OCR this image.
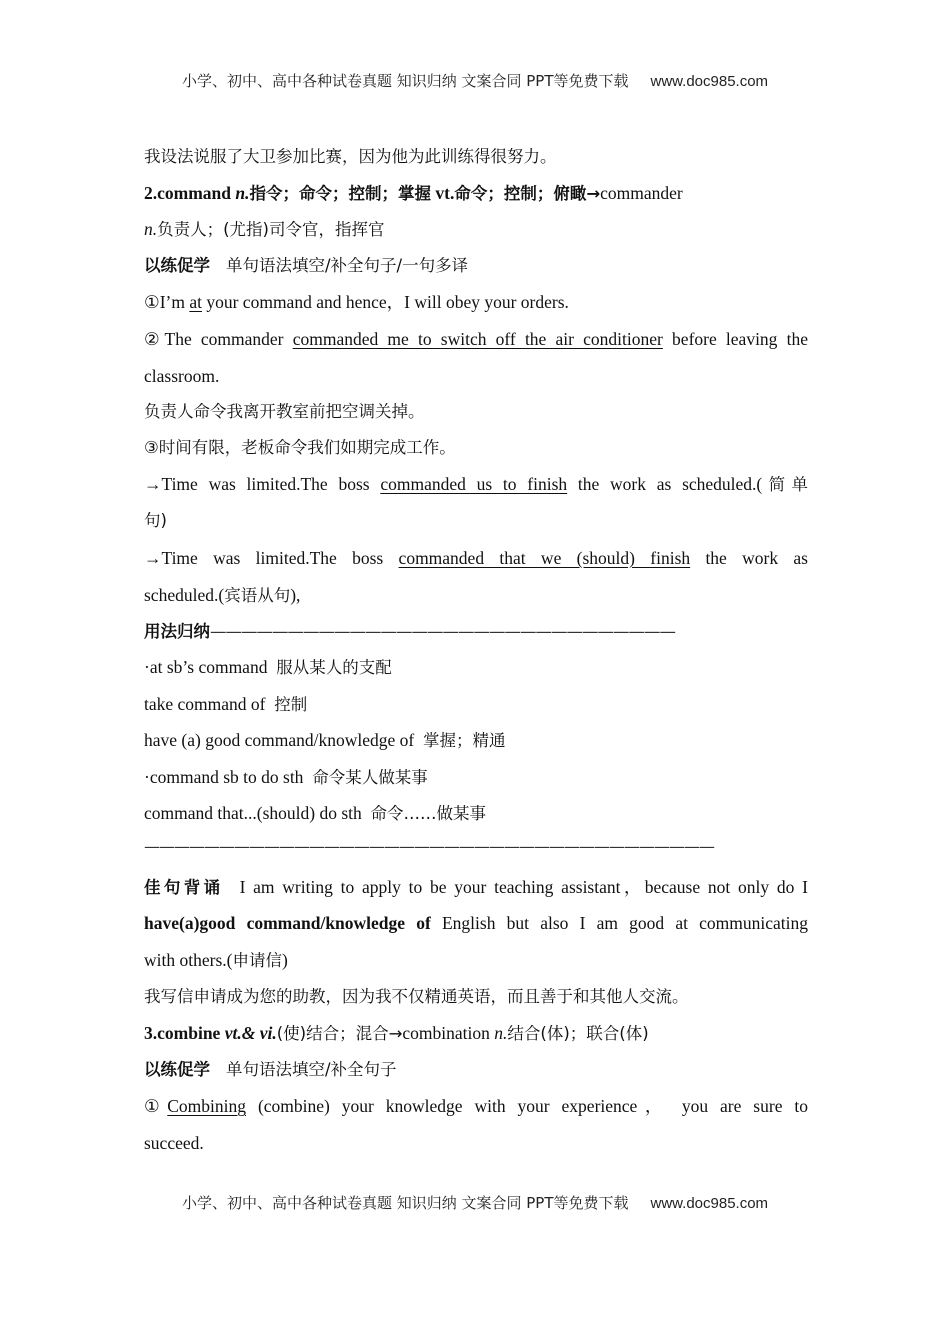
小学、初中、高中各种试卷真题 知识归纳 文案合同 PPT等免费下载 www.doc985.com
我设法说服了大卫参加比赛，因为他为此训练得很努力。
2.command n.指令；命令；控制；掌握 vt.命令；控制；俯瞰→commander
n.负责人；(尤指)司令官，指挥官
以练促学 单句语法填空/补全句子/一句多译
①I’m at your command and hence，I will obey your orders.
②The commander commanded me to switch off the air conditioner before leaving the
classroom.
负责人命令我离开教室前把空调关掉。
③时间有限，老板命令我们如期完成工作。
→Time was limited.The boss commanded us to finish the work as scheduled.(简单
句)
→Time was limited.The boss commanded that we (should) finish the work as
scheduled.(宾语从句),
用法归纳——————————————————————————————
·at sb’s command 服从某人的支配
take command of 控制
have (a) good command/knowledge of 掌握；精通
·command sb to do sth 命令某人做某事
command that...(should) do sth 命令……做某事
——————————————————————————————————————
佳句背诵 I am writing to apply to be your teaching assistant，because not only do I
have(a)good command/knowledge of English but also I am good at communicating
with others.(申请信)
我写信申请成为您的助教，因为我不仅精通英语，而且善于和其他人交流。
3.combine vt.& vi.(使)结合；混合→combination n.结合(体)；联合(体)
以练促学 单句语法填空/补全句子
①Combining (combine) your knowledge with your experience， you are sure to
succeed.
小学、初中、高中各种试卷真题 知识归纳 文案合同 PPT等免费下载 www.doc985.com
